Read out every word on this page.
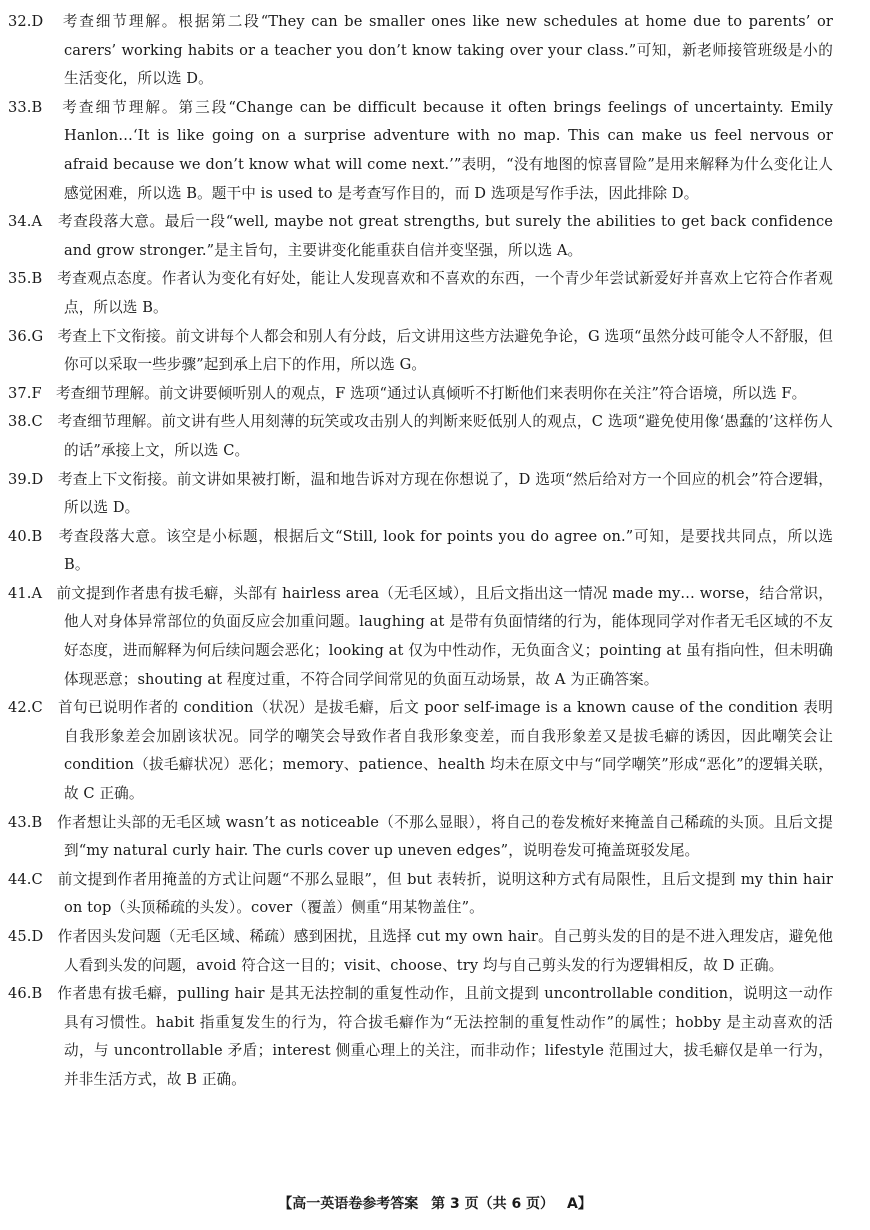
32.D 考查细节理解。根据第二段“They can be smaller ones like new schedules at home due to parents’ or carers’ working habits or a teacher you don’t know taking over your class.”可知，新老师接管班级是小的生活变化，所以选 D。
33.B 考查细节理解。第三段“Change can be difficult because it often brings feelings of uncertainty. Emily Hanlon…‘It is like going on a surprise adventure with no map. This can make us feel nervous or afraid because we don’t know what will come next.’”表明，“没有地图的惊喜冒险”是用来解释为什么变化让人感觉困难，所以选 B。题干中 is used to 是考查写作目的，而 D 选项是写作手法，因此排除 D。
34.A 考查段落大意。最后一段“well, maybe not great strengths, but surely the abilities to get back confidence and grow stronger.”是主旨句，主要讲变化能重获自信并变坚强，所以选 A。
35.B 考查观点态度。作者认为变化有好处，能让人发现喜欢和不喜欢的东西，一个青少年尝试新爱好并喜欢上它符合作者观点，所以选 B。
36.G 考查上下文衔接。前文讲每个人都会和别人有分歧，后文讲用这些方法避免争论，G 选项“虽然分歧可能令人不舒服，但你可以采取一些步骤”起到承上启下的作用，所以选 G。
37.F 考查细节理解。前文讲要倾听别人的观点，F 选项“通过认真倾听不打断他们来表明你在关注”符合语境，所以选 F。
38.C 考查细节理解。前文讲有些人用刻薄的玩笑或攻击别人的判断来贬低别人的观点，C 选项“避免使用像‘愚蠢的’这样伤人的话”承接上文，所以选 C。
39.D 考查上下文衔接。前文讲如果被打断，温和地告诉对方现在你想说了，D 选项“然后给对方一个回应的机会”符合逻辑，所以选 D。
40.B 考查段落大意。该空是小标题，根据后文“Still, look for points you do agree on.”可知，是要找共同点，所以选 B。
41.A 前文提到作者患有拔毛癖，头部有 hairless area（无毛区域），且后文指出这一情况 made my… worse，结合常识，他人对身体异常部位的负面反应会加重问题。laughing at 是带有负面情绪的行为，能体现同学对作者无毛区域的不友好态度，进而解释为何后续问题会恶化；looking at 仅为中性动作，无负面含义；pointing at 虽有指向性，但未明确体现恶意；shouting at 程度过重，不符合同学间常见的负面互动场景，故 A 为正确答案。
42.C 首句已说明作者的 condition（状况）是拔毛癖，后文 poor self-image is a known cause of the condition 表明自我形象差会加剧该状况。同学的嘲笑会导致作者自我形象变差，而自我形象差又是拔毛癖的诱因，因此嘲笑会让 condition（拔毛癖状况）恶化；memory、patience、health 均未在原文中与“同学嘲笑”形成“恶化”的逻辑关联，故 C 正确。
43.B 作者想让头部的无毛区域 wasn’t as noticeable（不那么显眼），将自己的卷发梳好来掩盖自己稀疏的头顶。且后文提到“my natural curly hair. The curls cover up uneven edges”，说明卷发可掩盖斑驳发尾。
44.C 前文提到作者用掩盖的方式让问题“不那么显眼”，但 but 表转折，说明这种方式有局限性，且后文提到 my thin hair on top（头顶稀疏的头发）。cover（覆盖）侧重“用某物盖住”。
45.D 作者因头发问题（无毛区域、稀疏）感到困扰，且选择 cut my own hair。自己剪头发的目的是不进入理发店，避免他人看到头发的问题，avoid 符合这一目的；visit、choose、try 均与自己剪头发的行为逻辑相反，故 D 正确。
46.B 作者患有拔毛癖，pulling hair 是其无法控制的重复性动作，且前文提到 uncontrollable condition，说明这一动作具有习惯性。habit 指重复发生的行为，符合拔毛癖作为“无法控制的重复性动作”的属性；hobby 是主动喜欢的活动，与 uncontrollable 矛盾；interest 侧重心理上的关注，而非动作；lifestyle 范围过大，拔毛癖仅是单一行为，并非生活方式，故 B 正确。
【高一英语卷参考答案 第 3 页（共 6 页） A】
